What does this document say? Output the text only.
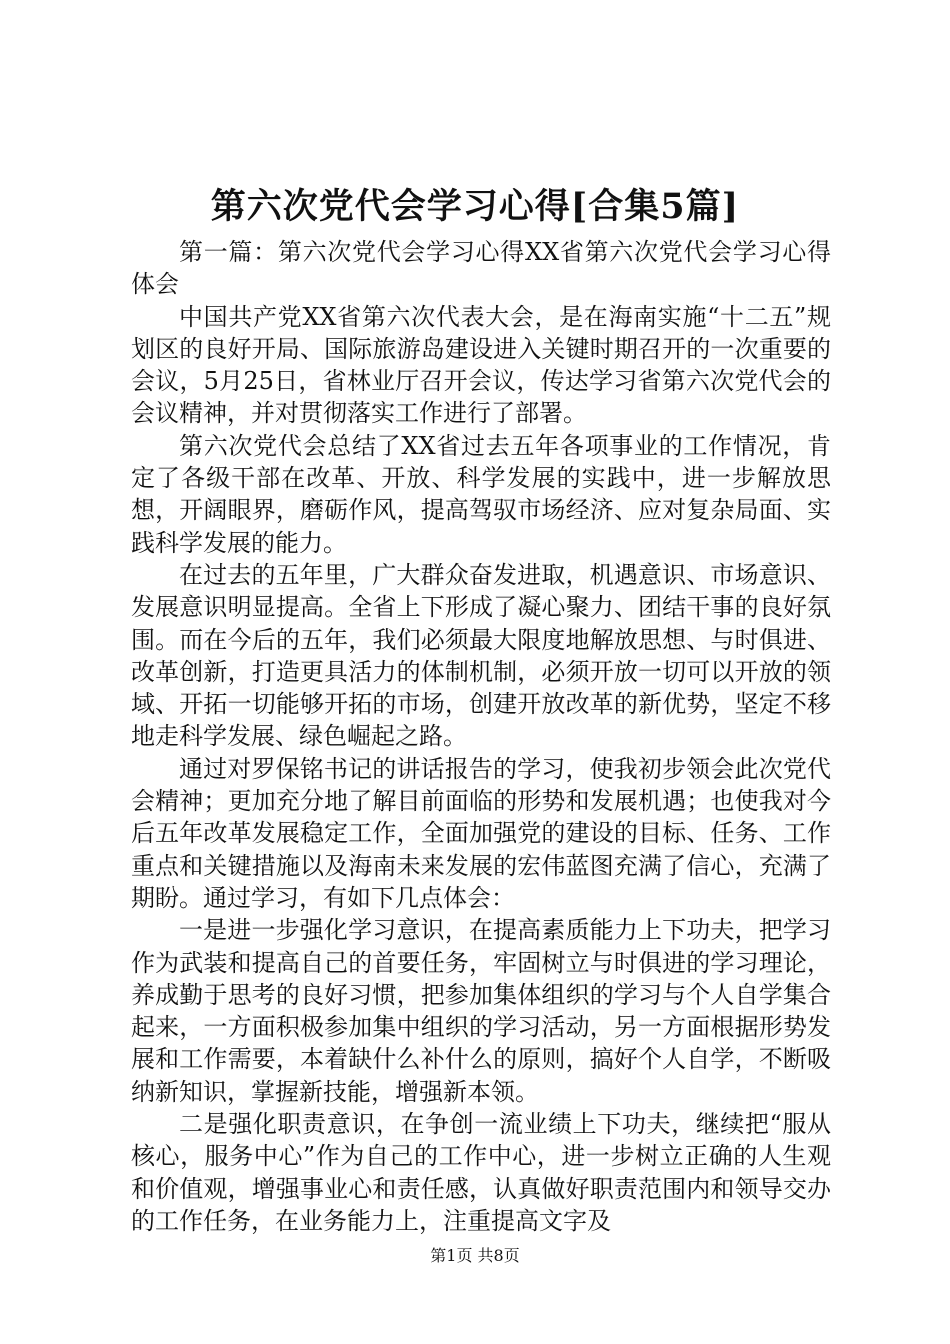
第六次党代会学习心得[合集5篇]

第一篇：第六次党代会学习心得XX省第六次党代会学习心得体会

中国共产党XX省第六次代表大会，是在海南实施“十二五”规划区的良好开局、国际旅游岛建设进入关键时期召开的一次重要的会议，5月25日，省林业厅召开会议，传达学习省第六次党代会的会议精神，并对贯彻落实工作进行了部署。

第六次党代会总结了XX省过去五年各项事业的工作情况，肯定了各级干部在改革、开放、科学发展的实践中，进一步解放思想，开阔眼界，磨砺作风，提高驾驭市场经济、应对复杂局面、实践科学发展的能力。

在过去的五年里，广大群众奋发进取，机遇意识、市场意识、发展意识明显提高。全省上下形成了凝心聚力、团结干事的良好氛围。而在今后的五年，我们必须最大限度地解放思想、与时俱进、改革创新，打造更具活力的体制机制，必须开放一切可以开放的领域、开拓一切能够开拓的市场，创建开放改革的新优势，坚定不移地走科学发展、绿色崛起之路。

通过对罗保铭书记的讲话报告的学习，使我初步领会此次党代会精神；更加充分地了解目前面临的形势和发展机遇；也使我对今后五年改革发展稳定工作，全面加强党的建设的目标、任务、工作重点和关键措施以及海南未来发展的宏伟蓝图充满了信心，充满了期盼。通过学习，有如下几点体会：

一是进一步强化学习意识，在提高素质能力上下功夫，把学习作为武装和提高自己的首要任务，牢固树立与时俱进的学习理论，养成勤于思考的良好习惯，把参加集体组织的学习与个人自学集合起来，一方面积极参加集中组织的学习活动，另一方面根据形势发展和工作需要，本着缺什么补什么的原则，搞好个人自学，不断吸纳新知识，掌握新技能，增强新本领。

二是强化职责意识，在争创一流业绩上下功夫，继续把“服从核心，服务中心”作为自己的工作中心，进一步树立正确的人生观和价值观，增强事业心和责任感，认真做好职责范围内和领导交办的工作任务，在业务能力上，注重提高文字及

第1页 共8页
